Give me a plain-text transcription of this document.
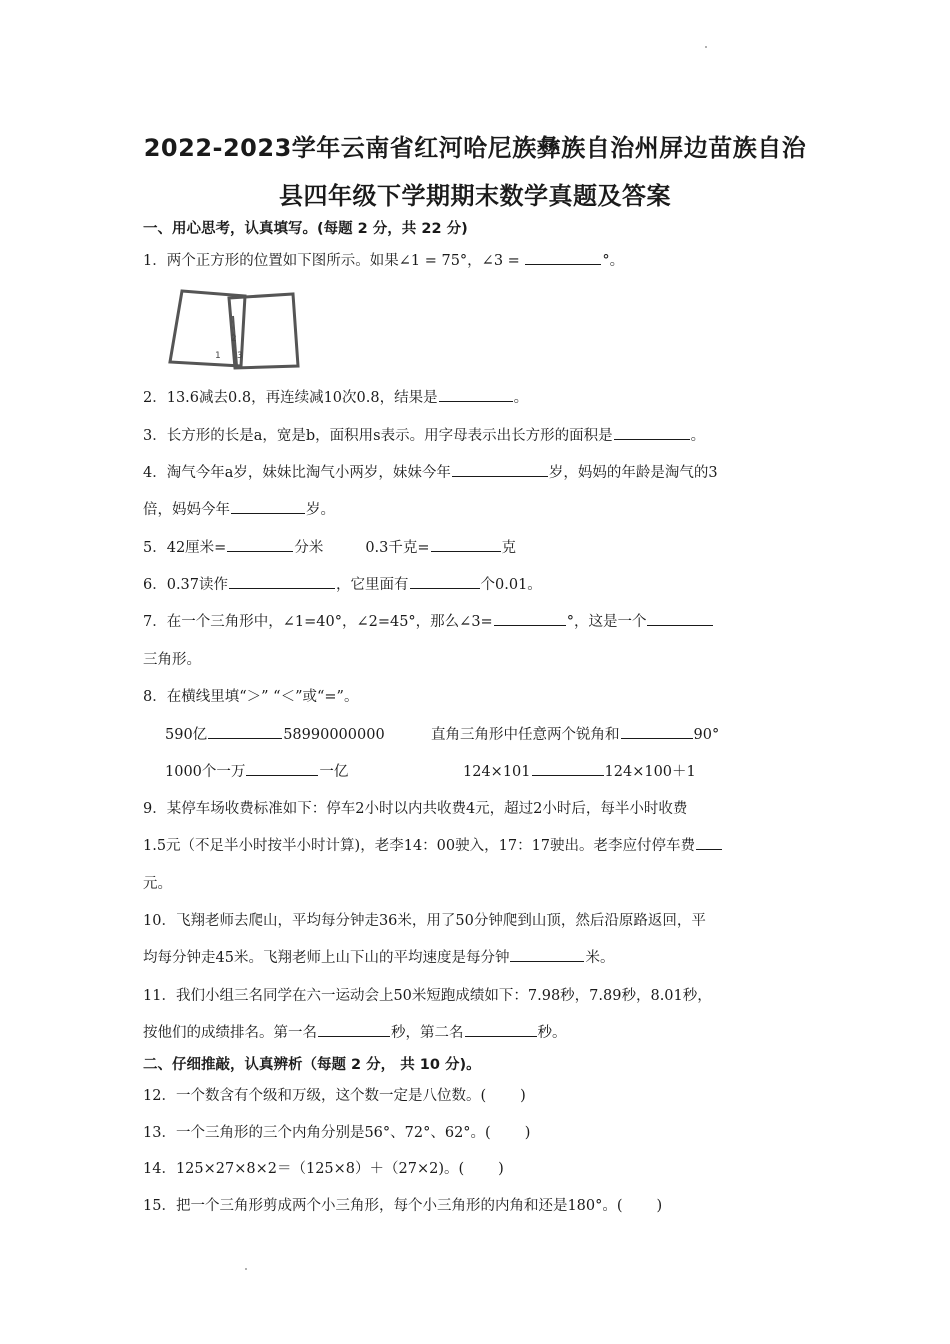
2022-2023学年云南省红河哈尼族彝族自治州屏边苗族自治
县四年级下学期期末数学真题及答案
一、用心思考，认真填写。(每题 2 分，共 22 分)
1．两个正方形的位置如下图所示。如果∠1 = 75°，∠3 =	°。
1
2
3
2．13.6减去0.8，再连续减10次0.8，结果是	。
3．长方形的长是a，宽是b，面积用s表示。用字母表示出长方形的面积是	。
4．淘气今年a岁，妹妹比淘气小两岁，妹妹今年	岁，妈妈的年龄是淘气的3
倍，妈妈今年	岁。
5．42厘米=	分米	0.3千克=	克
6．0.37读作	，它里面有	个0.01。
7．在一个三角形中，∠1=40°，∠2=45°，那么∠3=	°，这是一个
三角形。
8．在横线里填“＞” “＜”或“=”。
590亿	58990000000	直角三角形中任意两个锐角和	90°
1000个一万	一亿	124×101	124×100＋1
9．某停车场收费标准如下：停车2小时以内共收费4元，超过2小时后，每半小时收费
1.5元（不足半小时按半小时计算)，老李14：00驶入，17：17驶出。老李应付停车费
元。
10．飞翔老师去爬山，平均每分钟走36米，用了50分钟爬到山顶，然后沿原路返回，平
均每分钟走45米。飞翔老师上山下山的平均速度是每分钟	米。
11．我们小组三名同学在六一运动会上50米短跑成绩如下：7.98秒，7.89秒，8.01秒，
按他们的成绩排名。第一名	秒，第二名	秒。
二、仔细推敲，认真辨析（每题 2 分， 共 10 分)。
12．一个数含有个级和万级，这个数一定是八位数。( )
13．一个三角形的三个内角分别是56°、72°、62°。( )
14．125×27×8×2＝（125×8）＋（27×2)。( )
15．把一个三角形剪成两个小三角形，每个小三角形的内角和还是180°。( )
